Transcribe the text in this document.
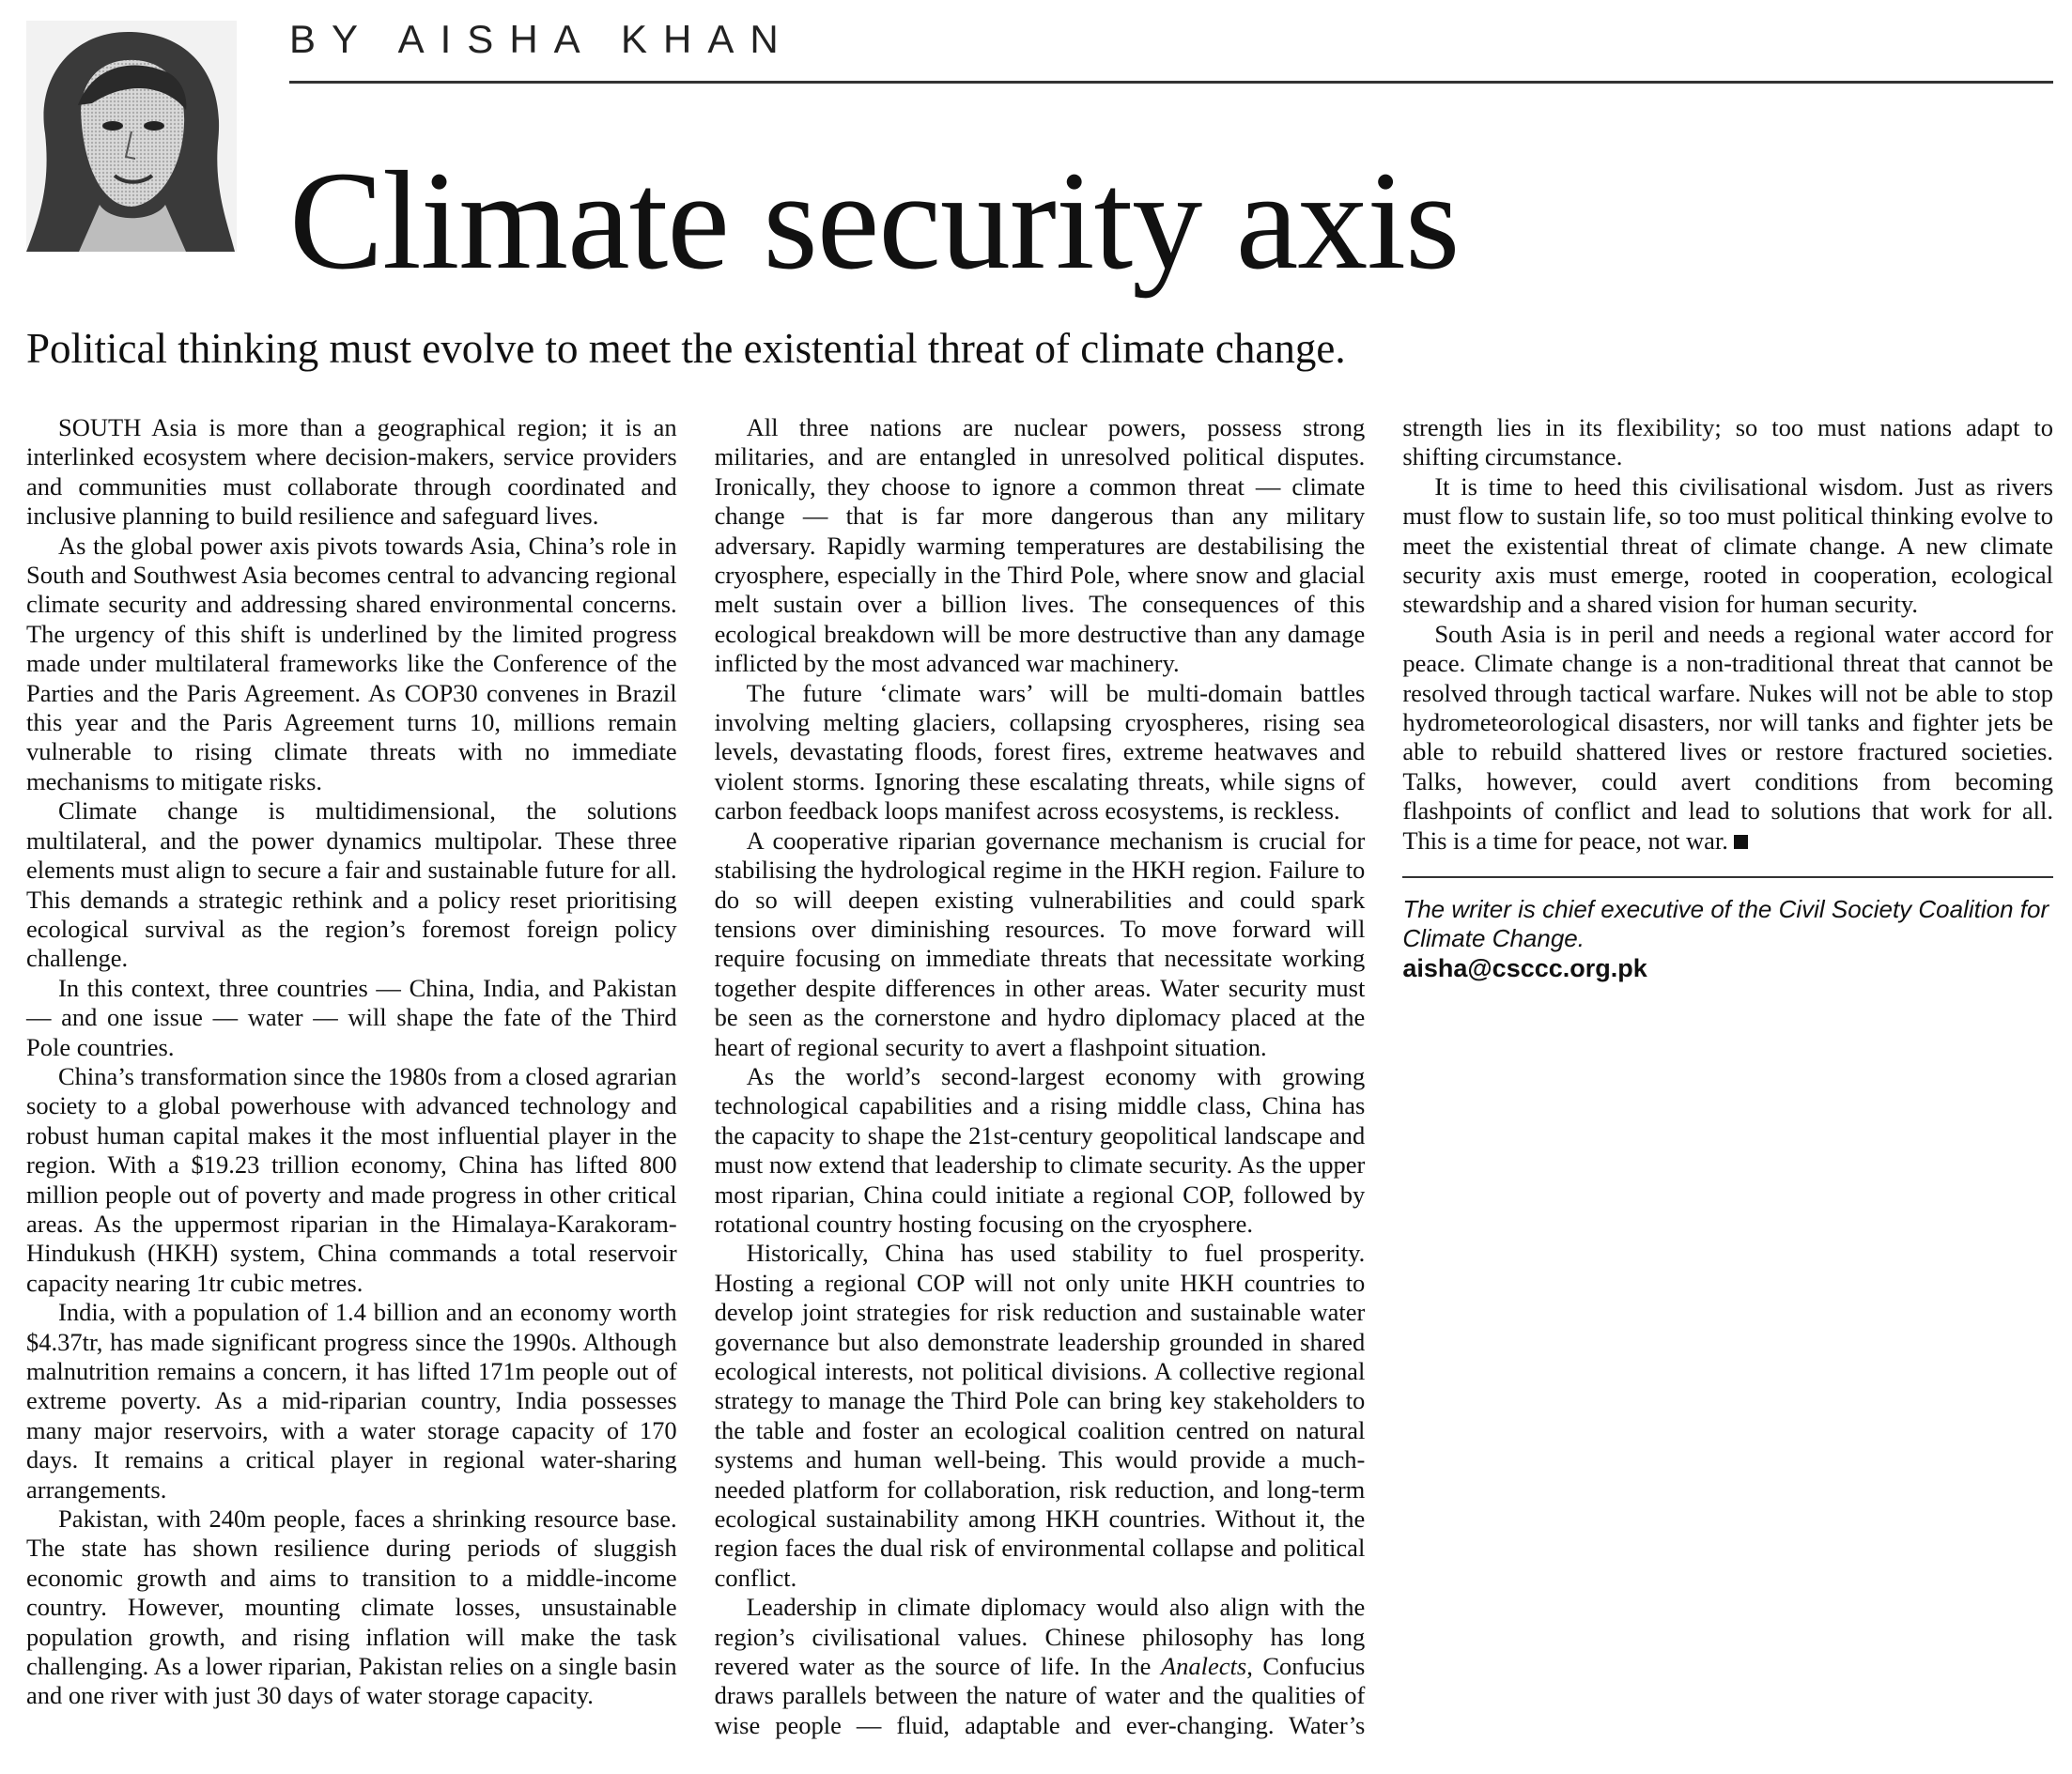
BY AISHA KHAN
Climate security axis
Political thinking must evolve to meet the existential threat of climate change.

SOUTH Asia is more than a geographical region; it is an interlinked ecosystem where decision-makers, service providers and communities must collaborate through coordinated and inclusive planning to build resilience and safeguard lives.

As the global power axis pivots towards Asia, China’s role in South and Southwest Asia becomes central to advancing regional climate security and addressing shared environmental concerns. The urgency of this shift is underlined by the limited progress made under multilateral frameworks like the Conference of the Parties and the Paris Agreement. As COP30 convenes in Brazil this year and the Paris Agreement turns 10, millions remain vulnerable to rising climate threats with no immediate mechanisms to mitigate risks.

Climate change is multidimensional, the solutions multilateral, and the power dynamics multipolar. These three elements must align to secure a fair and sustainable future for all. This demands a strategic rethink and a policy reset prioritising ecological survival as the region’s foremost foreign policy challenge.

In this context, three countries — China, India, and Pakistan — and one issue — water — will shape the fate of the Third Pole countries.

China’s transformation since the 1980s from a closed agrarian society to a global powerhouse with advanced technology and robust human capital makes it the most influential player in the region. With a $19.23 trillion economy, China has lifted 800 million people out of poverty and made progress in other critical areas. As the uppermost riparian in the Himalaya-Karakoram-Hindukush (HKH) system, China commands a total reservoir capacity nearing 1tr cubic metres.

India, with a population of 1.4 billion and an economy worth $4.37tr, has made significant progress since the 1990s. Although malnutrition remains a concern, it has lifted 171m people out of extreme poverty. As a mid-riparian country, India possesses many major reservoirs, with a water storage capacity of 170 days. It remains a critical player in regional water-sharing arrangements.

Pakistan, with 240m people, faces a shrinking resource base. The state has shown resilience during periods of sluggish economic growth and aims to transition to a middle-income country. However, mounting climate losses, unsustainable population growth, and rising inflation will make the task challenging. As a lower riparian, Pakistan relies on a single basin and one river with just 30 days of water storage capacity.

All three nations are nuclear powers, possess strong militaries, and are entangled in unresolved political disputes. Ironically, they choose to ignore a common threat — climate change — that is far more dangerous than any military adversary. Rapidly warming temperatures are destabilising the cryosphere, especially in the Third Pole, where snow and glacial melt sustain over a billion lives. The consequences of this ecological breakdown will be more destructive than any damage inflicted by the most advanced war machinery.

The future ‘climate wars’ will be multi-domain battles involving melting glaciers, collapsing cryospheres, rising sea levels, devastating floods, forest fires, extreme heatwaves and violent storms. Ignoring these escalating threats, while signs of carbon feedback loops manifest across ecosystems, is reckless.

A cooperative riparian governance mechanism is crucial for stabilising the hydrological regime in the HKH region. Failure to do so will deepen existing vulnerabilities and could spark tensions over diminishing resources. To move forward will require focusing on immediate threats that necessitate working together despite differences in other areas. Water security must be seen as the cornerstone and hydro diplomacy placed at the heart of regional security to avert a flashpoint situation.

As the world’s second-largest economy with growing technological capabilities and a rising middle class, China has the capacity to shape the 21st-century geopolitical landscape and must now extend that leadership to climate security. As the upper most riparian, China could initiate a regional COP, followed by rotational country hosting focusing on the cryosphere.

Historically, China has used stability to fuel prosperity. Hosting a regional COP will not only unite HKH countries to develop joint strategies for risk reduction and sustainable water governance but also demonstrate leadership grounded in shared ecological interests, not political divisions. A collective regional strategy to manage the Third Pole can bring key stakeholders to the table and foster an ecological coalition centred on natural systems and human well-being. This would provide a much-needed platform for collaboration, risk reduction, and long-term ecological sustainability among HKH countries. Without it, the region faces the dual risk of environmental collapse and political conflict.

Leadership in climate diplomacy would also align with the region’s civilisational values. Chinese philosophy has long revered water as the source of life. In the Analects, Confucius draws parallels between the nature of water and the qualities of wise people — fluid, adaptable and ever-changing. Water’s strength lies in its flexibility; so too must nations adapt to shifting circumstance.

It is time to heed this civilisational wisdom. Just as rivers must flow to sustain life, so too must political thinking evolve to meet the existential threat of climate change. A new climate security axis must emerge, rooted in cooperation, ecological stewardship and a shared vision for human security.

South Asia is in peril and needs a regional water accord for peace. Climate change is a non-traditional threat that cannot be resolved through tactical warfare. Nukes will not be able to stop hydrometeorological disasters, nor will tanks and fighter jets be able to rebuild shattered lives or restore fractured societies. Talks, however, could avert conditions from becoming flashpoints of conflict and lead to solutions that work for all. This is a time for peace, not war.

The writer is chief executive of the Civil Society Coalition for Climate Change.

aisha@csccc.org.pk
